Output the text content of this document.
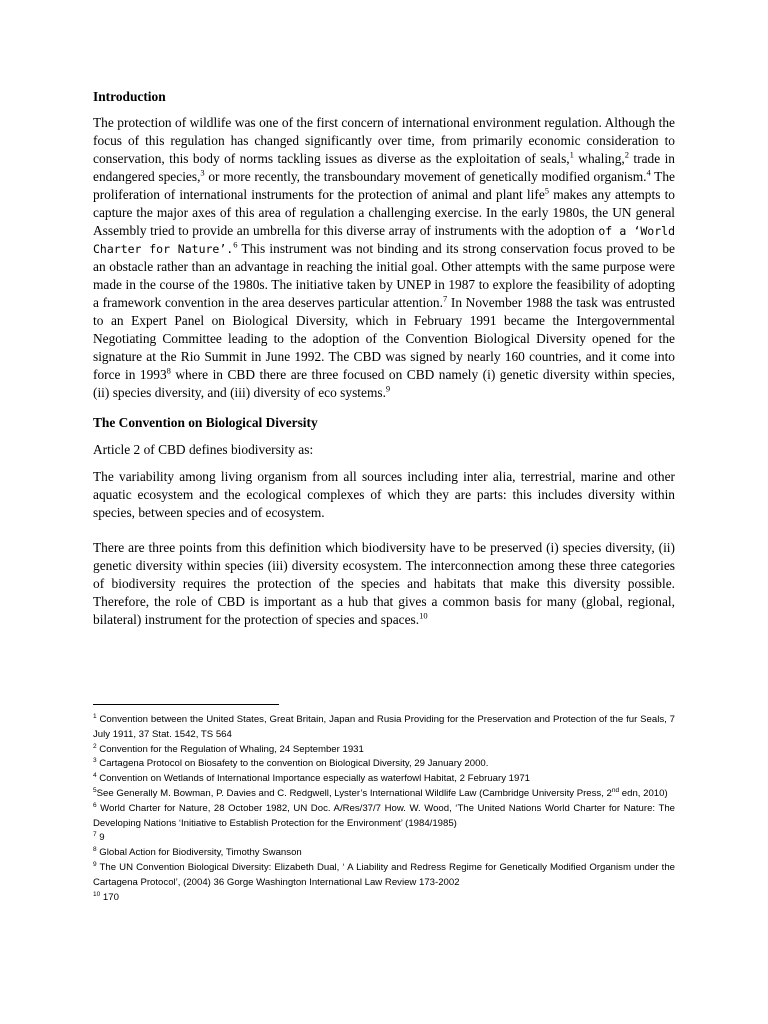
Introduction

The protection of wildlife was one of the first concern of international environment regulation. Although the focus of this regulation has changed significantly over time, from primarily economic consideration to conservation, this body of norms tackling issues as diverse as the exploitation of seals,$^1$ whaling,$^2$ trade in endangered species,$^3$ or more recently, the transboundary movement of genetically modified organism.$^4$ The proliferation of international instruments for the protection of animal and plant life$^5$ makes any attempts to capture the major axes of this area of regulation a challenging exercise. In the early 1980s, the UN general Assembly tried to provide an umbrella for this diverse array of instruments with the adoption of a ‘World Charter for Nature’.$^6$ This instrument was not binding and its strong conservation focus proved to be an obstacle rather than an advantage in reaching the initial goal. Other attempts with the same purpose were made in the course of the 1980s. The initiative taken by UNEP in 1987 to explore the feasibility of adopting a framework convention in the area deserves particular attention.$^7$ In November 1988 the task was entrusted to an Expert Panel on Biological Diversity, which in February 1991 became the Intergovernmental Negotiating Committee leading to the adoption of the Convention Biological Diversity opened for the signature at the Rio Summit in June 1992. The CBD was signed by nearly 160 countries, and it come into force in 1993$^8$ where in CBD there are three focused on CBD namely (i) genetic diversity within species, (ii) species diversity, and (iii) diversity of eco systems.$^9$

The Convention on Biological Diversity

Article 2 of CBD defines biodiversity as:

The variability among living organism from all sources including inter alia, terrestrial, marine and other aquatic ecosystem and the ecological complexes of which they are parts: this includes diversity within species, between species and of ecosystem.

There are three points from this definition which biodiversity have to be preserved (i) species diversity, (ii) genetic diversity within species (iii) diversity ecosystem. The interconnection among these three categories of biodiversity requires the protection of the species and habitats that make this diversity possible. Therefore, the role of CBD is important as a hub that gives a common basis for many (global, regional, bilateral) instrument for the protection of species and spaces.$^{10}$

$^1$ Convention between the United States, Great Britain, Japan and Rusia Providing for the Preservation and Protection of the fur Seals, 7 July 1911, 37 Stat. 1542, TS 564

$^2$ Convention for the Regulation of Whaling, 24 September 1931

$^3$ Cartagena Protocol on Biosafety to the convention on Biological Diversity, 29 January 2000.

$^4$ Convention on Wetlands of International Importance especially as waterfowl Habitat, 2 February 1971

$^5$See Generally M. Bowman, P. Davies and C. Redgwell, Lyster’s International Wildlife Law (Cambridge University Press, 2nd edn, 2010)

$^6$ World Charter for Nature, 28 October 1982, UN Doc. A/Res/37/7 How. W. Wood, ‘The United Nations World Charter for Nature: The Developing Nations ‘Initiative to Establish Protection for the Environment’ (1984/1985)

$^7$ 9

$^8$ Global Action for Biodiversity, Timothy Swanson

$^9$ The UN Convention Biological Diversity: Elizabeth Dual, ‘ A Liability and Redress Regime for Genetically Modified Organism under the Cartagena Protocol’, (2004) 36 Gorge Washington International Law Review 173-2002

$^{10}$ 170
